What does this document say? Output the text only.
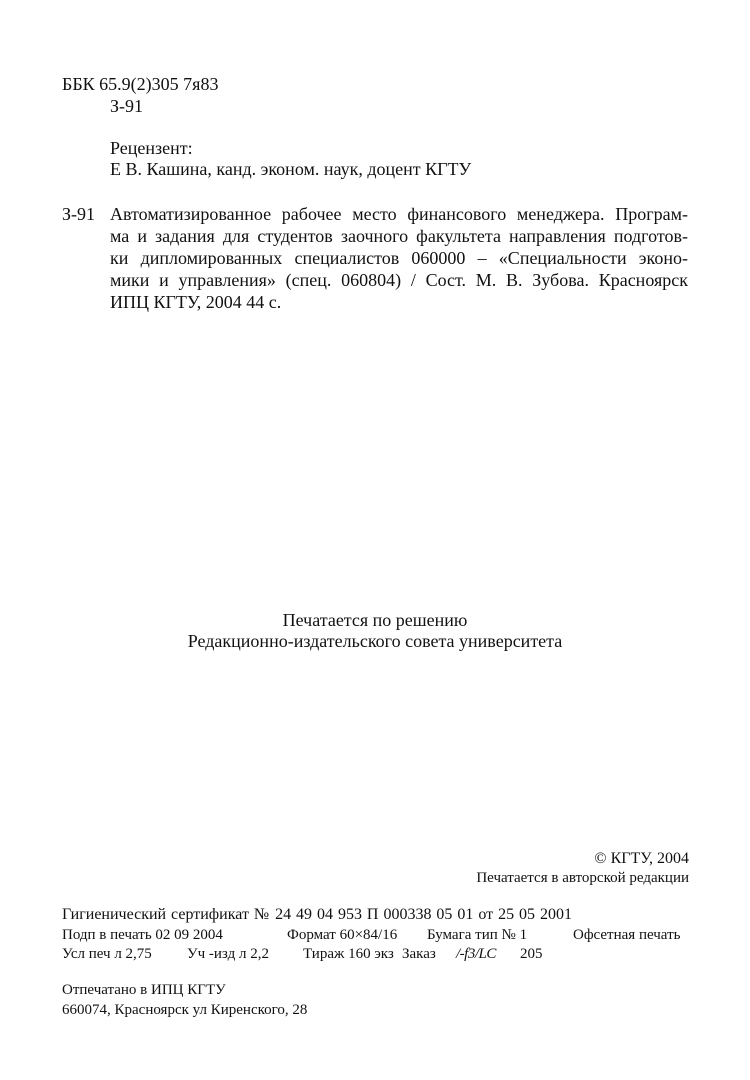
ББК 65.9(2)305 7я83
З-91
Рецензент:
Е В. Кашина, канд. эконом. наук, доцент КГТУ
З-91 Автоматизированное рабочее место финансового менеджера. Програм-
ма и задания для студентов заочного факультета направления подготов-
ки дипломированных специалистов 060000 – «Специальности эконо-
мики и управления» (спец. 060804) / Сост. М. В. Зубова. Красноярск
ИПЦ КГТУ, 2004 44 с.
Печатается по решению
Редакционно-издательского совета университета
© КГТУ, 2004
Печатается в авторской редакции
Гигиенический сертификат № 24 49 04 953 П 000338 05 01 от 25 05 2001
Подп в печать 02 09 2004	Формат 60×84/16 Бумага тип № 1	Офсетная печать
Усл печ л 2,75 Уч -изд л 2,2 Тираж 160 экз Заказ /-f3/LC 205
Отпечатано в ИПЦ КГТУ
660074, Красноярск ул Киренского, 28
